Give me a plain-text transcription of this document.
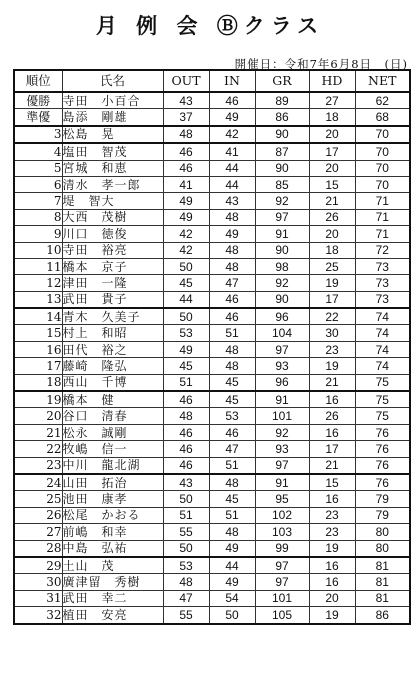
月 例 会 Ⓑクラス
開催日：令和7年6月8日　(日)
順位	氏名	OUT	IN	GR	HD	NET
優勝	寺田　小百合	43	46	89	27	62
準優	島添　剛雄	37	49	86	18	68
3	松島　晃	48	42	90	20	70
4	塩田　智茂	46	41	87	17	70
5	宮城　和恵	46	44	90	20	70
6	清水　孝一郎	41	44	85	15	70
7	堤　智大	49	43	92	21	71
8	大西　茂樹	49	48	97	26	71
9	川口　徳俊	42	49	91	20	71
10	寺田　裕亮	42	48	90	18	72
11	橋本　京子	50	48	98	25	73
12	津田　一隆	45	47	92	19	73
13	武田　貴子	44	46	90	17	73
14	青木　久美子	50	46	96	22	74
15	村上　和昭	53	51	104	30	74
16	田代　裕之	49	48	97	23	74
17	藤崎　隆弘	45	48	93	19	74
18	西山　千博	51	45	96	21	75
19	橋本　健	46	45	91	16	75
20	谷口　清春	48	53	101	26	75
21	松永　誠剛	46	46	92	16	76
22	牧嶋　信一	46	47	93	17	76
23	中川　龍北湖	46	51	97	21	76
24	山田　拓治	43	48	91	15	76
25	池田　康孝	50	45	95	16	79
26	松尾　かおる	51	51	102	23	79
27	前嶋　和幸	55	48	103	23	80
28	中島　弘祐	50	49	99	19	80
29	土山　茂	53	44	97	16	81
30	廣津留　秀樹	48	49	97	16	81
31	武田　幸二	47	54	101	20	81
32	植田　安亮	55	50	105	19	86
